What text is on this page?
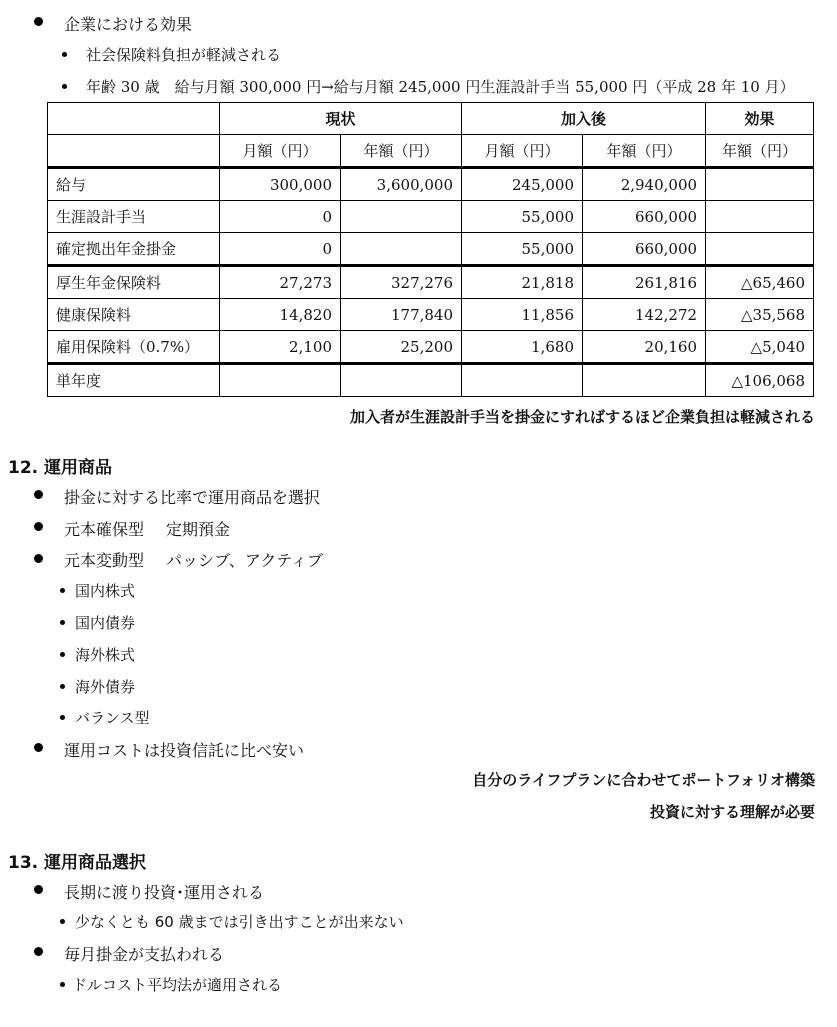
企業における効果
社会保険料負担が軽減される
年齢 30 歳　給与月額 300,000 円→給与月額 245,000 円生涯設計手当 55,000 円（平成 28 年 10 月）
	現状		加入後		効果
	月額（円）	年額（円）	月額（円）	年額（円）	年額（円）
給与	300,000	3,600,000	245,000	2,940,000	
生涯設計手当	0		55,000	660,000	
確定拠出年金掛金	0		55,000	660,000	
厚生年金保険料	27,273	327,276	21,818	261,816	△65,460
健康保険料	14,820	177,840	11,856	142,272	△35,568
雇用保険料（0.7%）	2,100	25,200	1,680	20,160	△5,040
単年度					△106,068
加入者が生涯設計手当を掛金にすればするほど企業負担は軽減される
12. 運用商品
掛金に対する比率で運用商品を選択
元本確保型 定期預金
元本変動型 パッシブ、アクティブ
国内株式
国内債券
海外株式
海外債券
バランス型
運用コストは投資信託に比べ安い
自分のライフプランに合わせてポートフォリオ構築
投資に対する理解が必要
13. 運用商品選択
長期に渡り投資･運用される
少なくとも 60 歳までは引き出すことが出来ない
毎月掛金が支払われる
ドルコスト平均法が適用される
